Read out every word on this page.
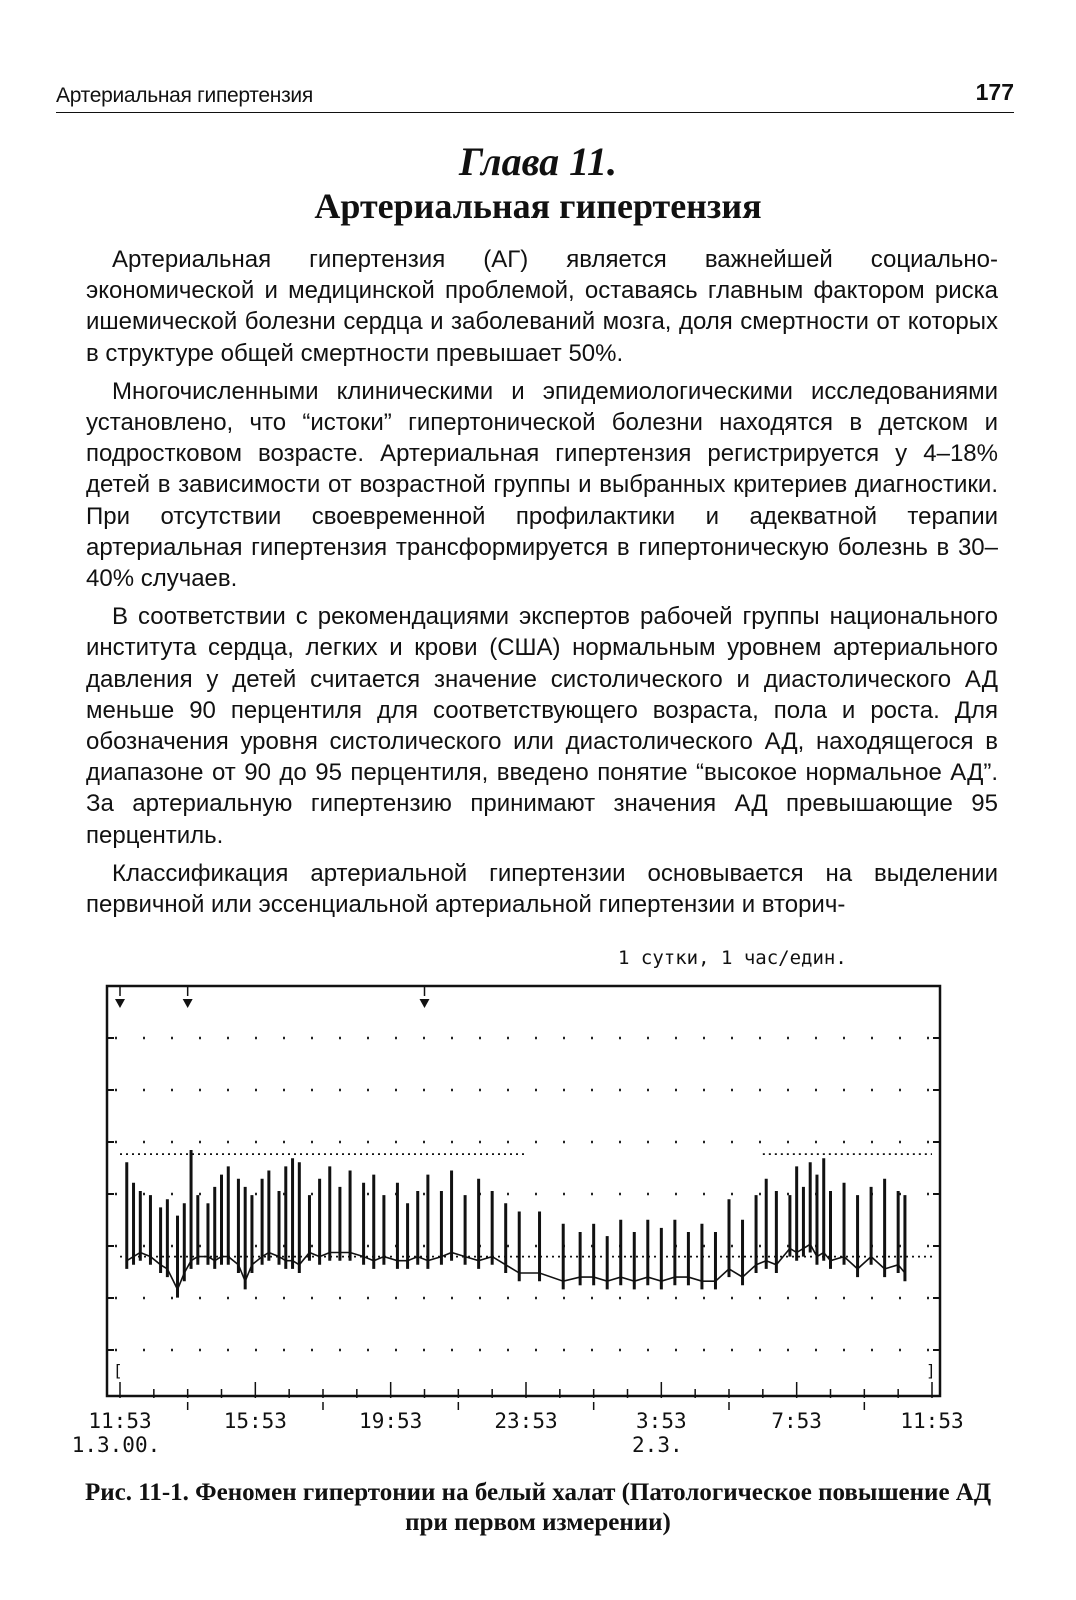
Артериальная гипертензия	177
Глава 11.
Артериальная гипертензия

Артериальная гипертензия (АГ) является важнейшей социально-экономической и медицинской проблемой, оставаясь главным фактором риска ишемической болезни сердца и заболеваний мозга, доля смертности от которых в структуре общей смертности превышает 50%.

Многочисленными клиническими и эпидемиологическими исследованиями установлено, что “истоки” гипертонической болезни находятся в детском и подростковом возрасте. Артериальная гипертензия регистрируется у 4–18% детей в зависимости от возрастной группы и выбранных критериев диагностики. При отсутствии своевременной профилактики и адекватной терапии артериальная гипертензия трансформируется в гипертоническую болезнь в 30–40% случаев.

В соответствии с рекомендациями экспертов рабочей группы национального института сердца, легких и крови (США) нормальным уровнем артериального давления у детей считается значение систолического и диастолического АД меньше 90 перцентиля для соответствующего возраста, пола и роста. Для обозначения уровня систолического или диастолического АД, находящегося в диапазоне от 90 до 95 перцентиля, введено понятие “высокое нормальное АД”. За артериальную гипертензию принимают значения АД превышающие 95 перцентиль.

Классификация артериальной гипертензии основывается на выделении первичной или эссенциальной артериальной гипертензии и вторич-

1 сутки, 1 час/един.
[	]
11:53
1.3.00.
15:53	19:53	23:53	3:53
2.3.
7:53	11:53
Рис. 11-1. Феномен гипертонии на белый халат (Патологическое повышение АД при первом измерении)
